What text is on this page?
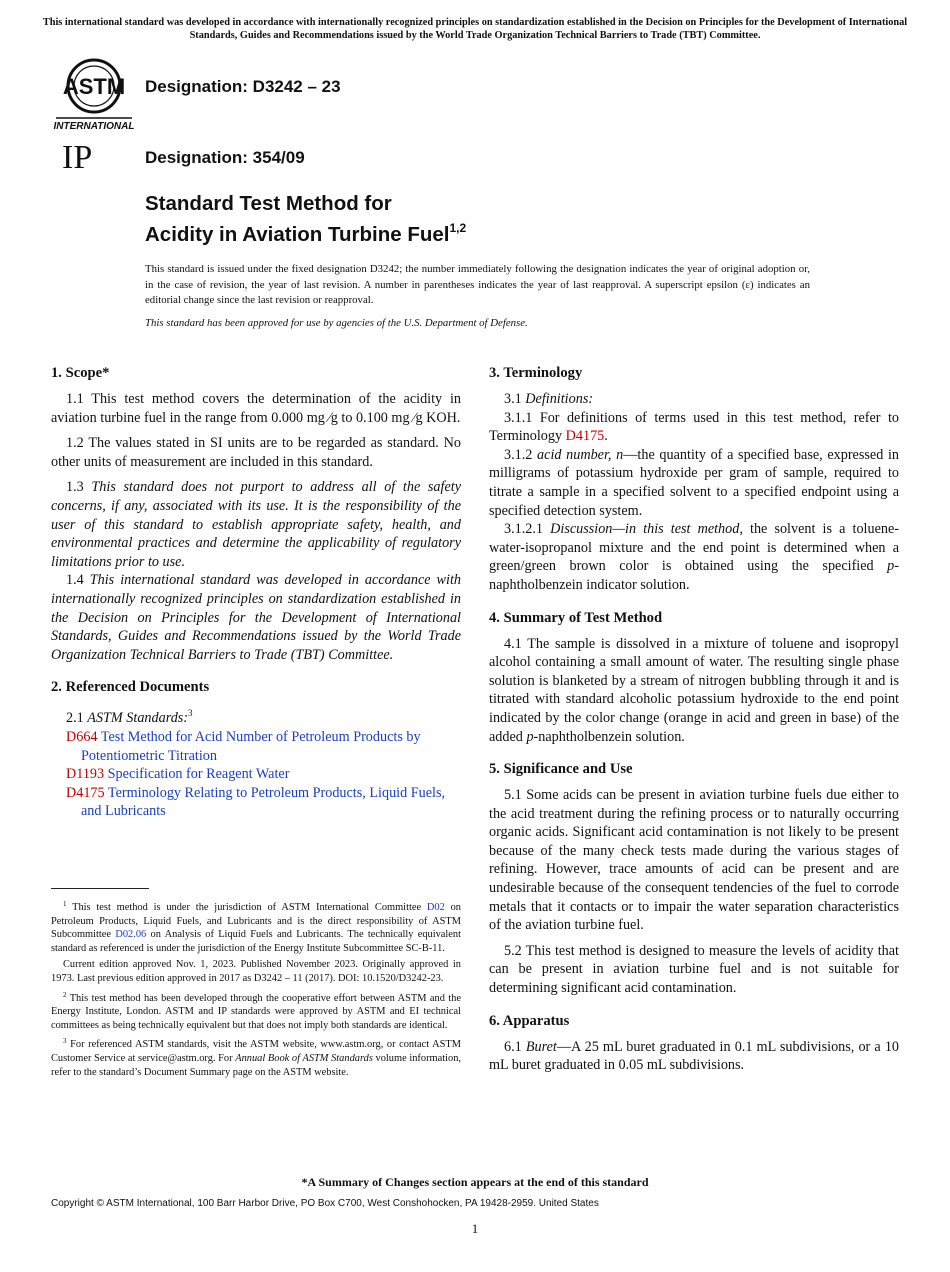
This international standard was developed in accordance with internationally recognized principles on standardization established in the Decision on Principles for the Development of International Standards, Guides and Recommendations issued by the World Trade Organization Technical Barriers to Trade (TBT) Committee.
ASTM
INTERNATIONAL
IP
Designation: D3242 – 23
Designation: 354/09
Standard Test Method for
Acidity in Aviation Turbine Fuel$^{1,2}$
This standard is issued under the fixed designation D3242; the number immediately following the designation indicates the year of original adoption or, in the case of revision, the year of last revision. A number in parentheses indicates the year of last reapproval. A superscript epsilon (ε) indicates an editorial change since the last revision or reapproval.
This standard has been approved for use by agencies of the U.S. Department of Defense.
1. Scope*

1.1 This test method covers the determination of the acidity in aviation turbine fuel in the range from 0.000 mg ⁄g to 0.100 mg ⁄g KOH.

1.2 The values stated in SI units are to be regarded as standard. No other units of measurement are included in this standard.

1.3 This standard does not purport to address all of the safety concerns, if any, associated with its use. It is the responsibility of the user of this standard to establish appropriate safety, health, and environmental practices and determine the applicability of regulatory limitations prior to use.

1.4 This international standard was developed in accordance with internationally recognized principles on standardization established in the Decision on Principles for the Development of International Standards, Guides and Recommendations issued by the World Trade Organization Technical Barriers to Trade (TBT) Committee.

2. Referenced Documents

2.1 ASTM Standards:$^3$

D664 Test Method for Acid Number of Petroleum Products by Potentiometric Titration

D1193 Specification for Reagent Water

D4175 Terminology Relating to Petroleum Products, Liquid Fuels, and Lubricants

$^1$ This test method is under the jurisdiction of ASTM International Committee D02 on Petroleum Products, Liquid Fuels, and Lubricants and is the direct responsibility of ASTM Subcommittee D02.06 on Analysis of Liquid Fuels and Lubricants. The technically equivalent standard as referenced is under the jurisdiction of the Energy Institute Subcommittee SC-B-11.

Current edition approved Nov. 1, 2023. Published November 2023. Originally approved in 1973. Last previous edition approved in 2017 as D3242 – 11 (2017). DOI: 10.1520/D3242-23.

$^2$ This test method has been developed through the cooperative effort between ASTM and the Energy Institute, London. ASTM and IP standards were approved by ASTM and EI technical committees as being technically equivalent but that does not imply both standards are identical.

$^3$ For referenced ASTM standards, visit the ASTM website, www.astm.org, or contact ASTM Customer Service at service@astm.org. For Annual Book of ASTM Standards volume information, refer to the standard’s Document Summary page on the ASTM website.

3. Terminology

3.1 Definitions:

3.1.1 For definitions of terms used in this test method, refer to Terminology D4175.

3.1.2 acid number, n—the quantity of a specified base, expressed in milligrams of potassium hydroxide per gram of sample, required to titrate a sample in a specified solvent to a specified endpoint using a specified detection system.

3.1.2.1 Discussion—in this test method, the solvent is a toluene-water-isopropanol mixture and the end point is determined when a green/green brown color is obtained using the specified p-naphtholbenzein indicator solution.

4. Summary of Test Method

4.1 The sample is dissolved in a mixture of toluene and isopropyl alcohol containing a small amount of water. The resulting single phase solution is blanketed by a stream of nitrogen bubbling through it and is titrated with standard alcoholic potassium hydroxide to the end point indicated by the color change (orange in acid and green in base) of the added p-naphtholbenzein solution.

5. Significance and Use

5.1 Some acids can be present in aviation turbine fuels due either to the acid treatment during the refining process or to naturally occurring organic acids. Significant acid contamination is not likely to be present because of the many check tests made during the various stages of refining. However, trace amounts of acid can be present and are undesirable because of the consequent tendencies of the fuel to corrode metals that it contacts or to impair the water separation characteristics of the aviation turbine fuel.

5.2 This test method is designed to measure the levels of acidity that can be present in aviation turbine fuel and is not suitable for determining significant acid contamination.

6. Apparatus

6.1 Buret—A 25 mL buret graduated in 0.1 mL subdivisions, or a 10 mL buret graduated in 0.05 mL subdivisions.

*A Summary of Changes section appears at the end of this standard
Copyright © ASTM International, 100 Barr Harbor Drive, PO Box C700, West Conshohocken, PA 19428-2959. United States
1
